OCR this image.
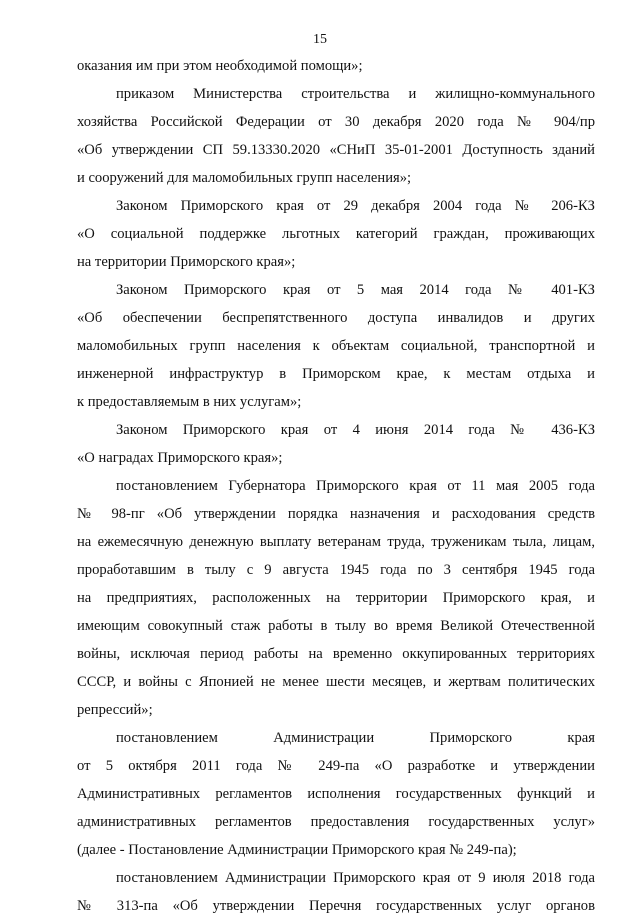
15
оказания им при этом необходимой помощи»;
приказом Министерства строительства и жилищно-коммунального
хозяйства Российской Федерации от 30 декабря 2020 года № 904/пр
«Об утверждении СП 59.13330.2020 «СНиП 35-01-2001 Доступность зданий
и сооружений для маломобильных групп населения»;
Законом Приморского края от 29 декабря 2004 года № 206-КЗ
«О социальной поддержке льготных категорий граждан, проживающих
на территории Приморского края»;
Законом Приморского края от 5 мая 2014 года № 401-КЗ
«Об обеспечении беспрепятственного доступа инвалидов и других
маломобильных групп населения к объектам социальной, транспортной и
инженерной инфраструктур в Приморском крае, к местам отдыха и
к предоставляемым в них услугам»;
Законом Приморского края от 4 июня 2014 года № 436-КЗ
«О наградах Приморского края»;
постановлением Губернатора Приморского края от 11 мая 2005 года
№ 98-пг «Об утверждении порядка назначения и расходования средств
на ежемесячную денежную выплату ветеранам труда, труженикам тыла, лицам,
проработавшим в тылу с 9 августа 1945 года по 3 сентября 1945 года
на предприятиях, расположенных на территории Приморского края, и
имеющим совокупный стаж работы в тылу во время Великой Отечественной
войны, исключая период работы на временно оккупированных территориях
СССР, и войны с Японией не менее шести месяцев, и жертвам политических
репрессий»;
постановлением Администрации Приморского края
от 5 октября 2011 года № 249-па «О разработке и утверждении
Административных регламентов исполнения государственных функций и
административных регламентов предоставления государственных услуг»
(далее - Постановление Администрации Приморского края № 249-па);
постановлением Администрации Приморского края от 9 июля 2018 года
№ 313-па «Об утверждении Перечня государственных услуг органов
